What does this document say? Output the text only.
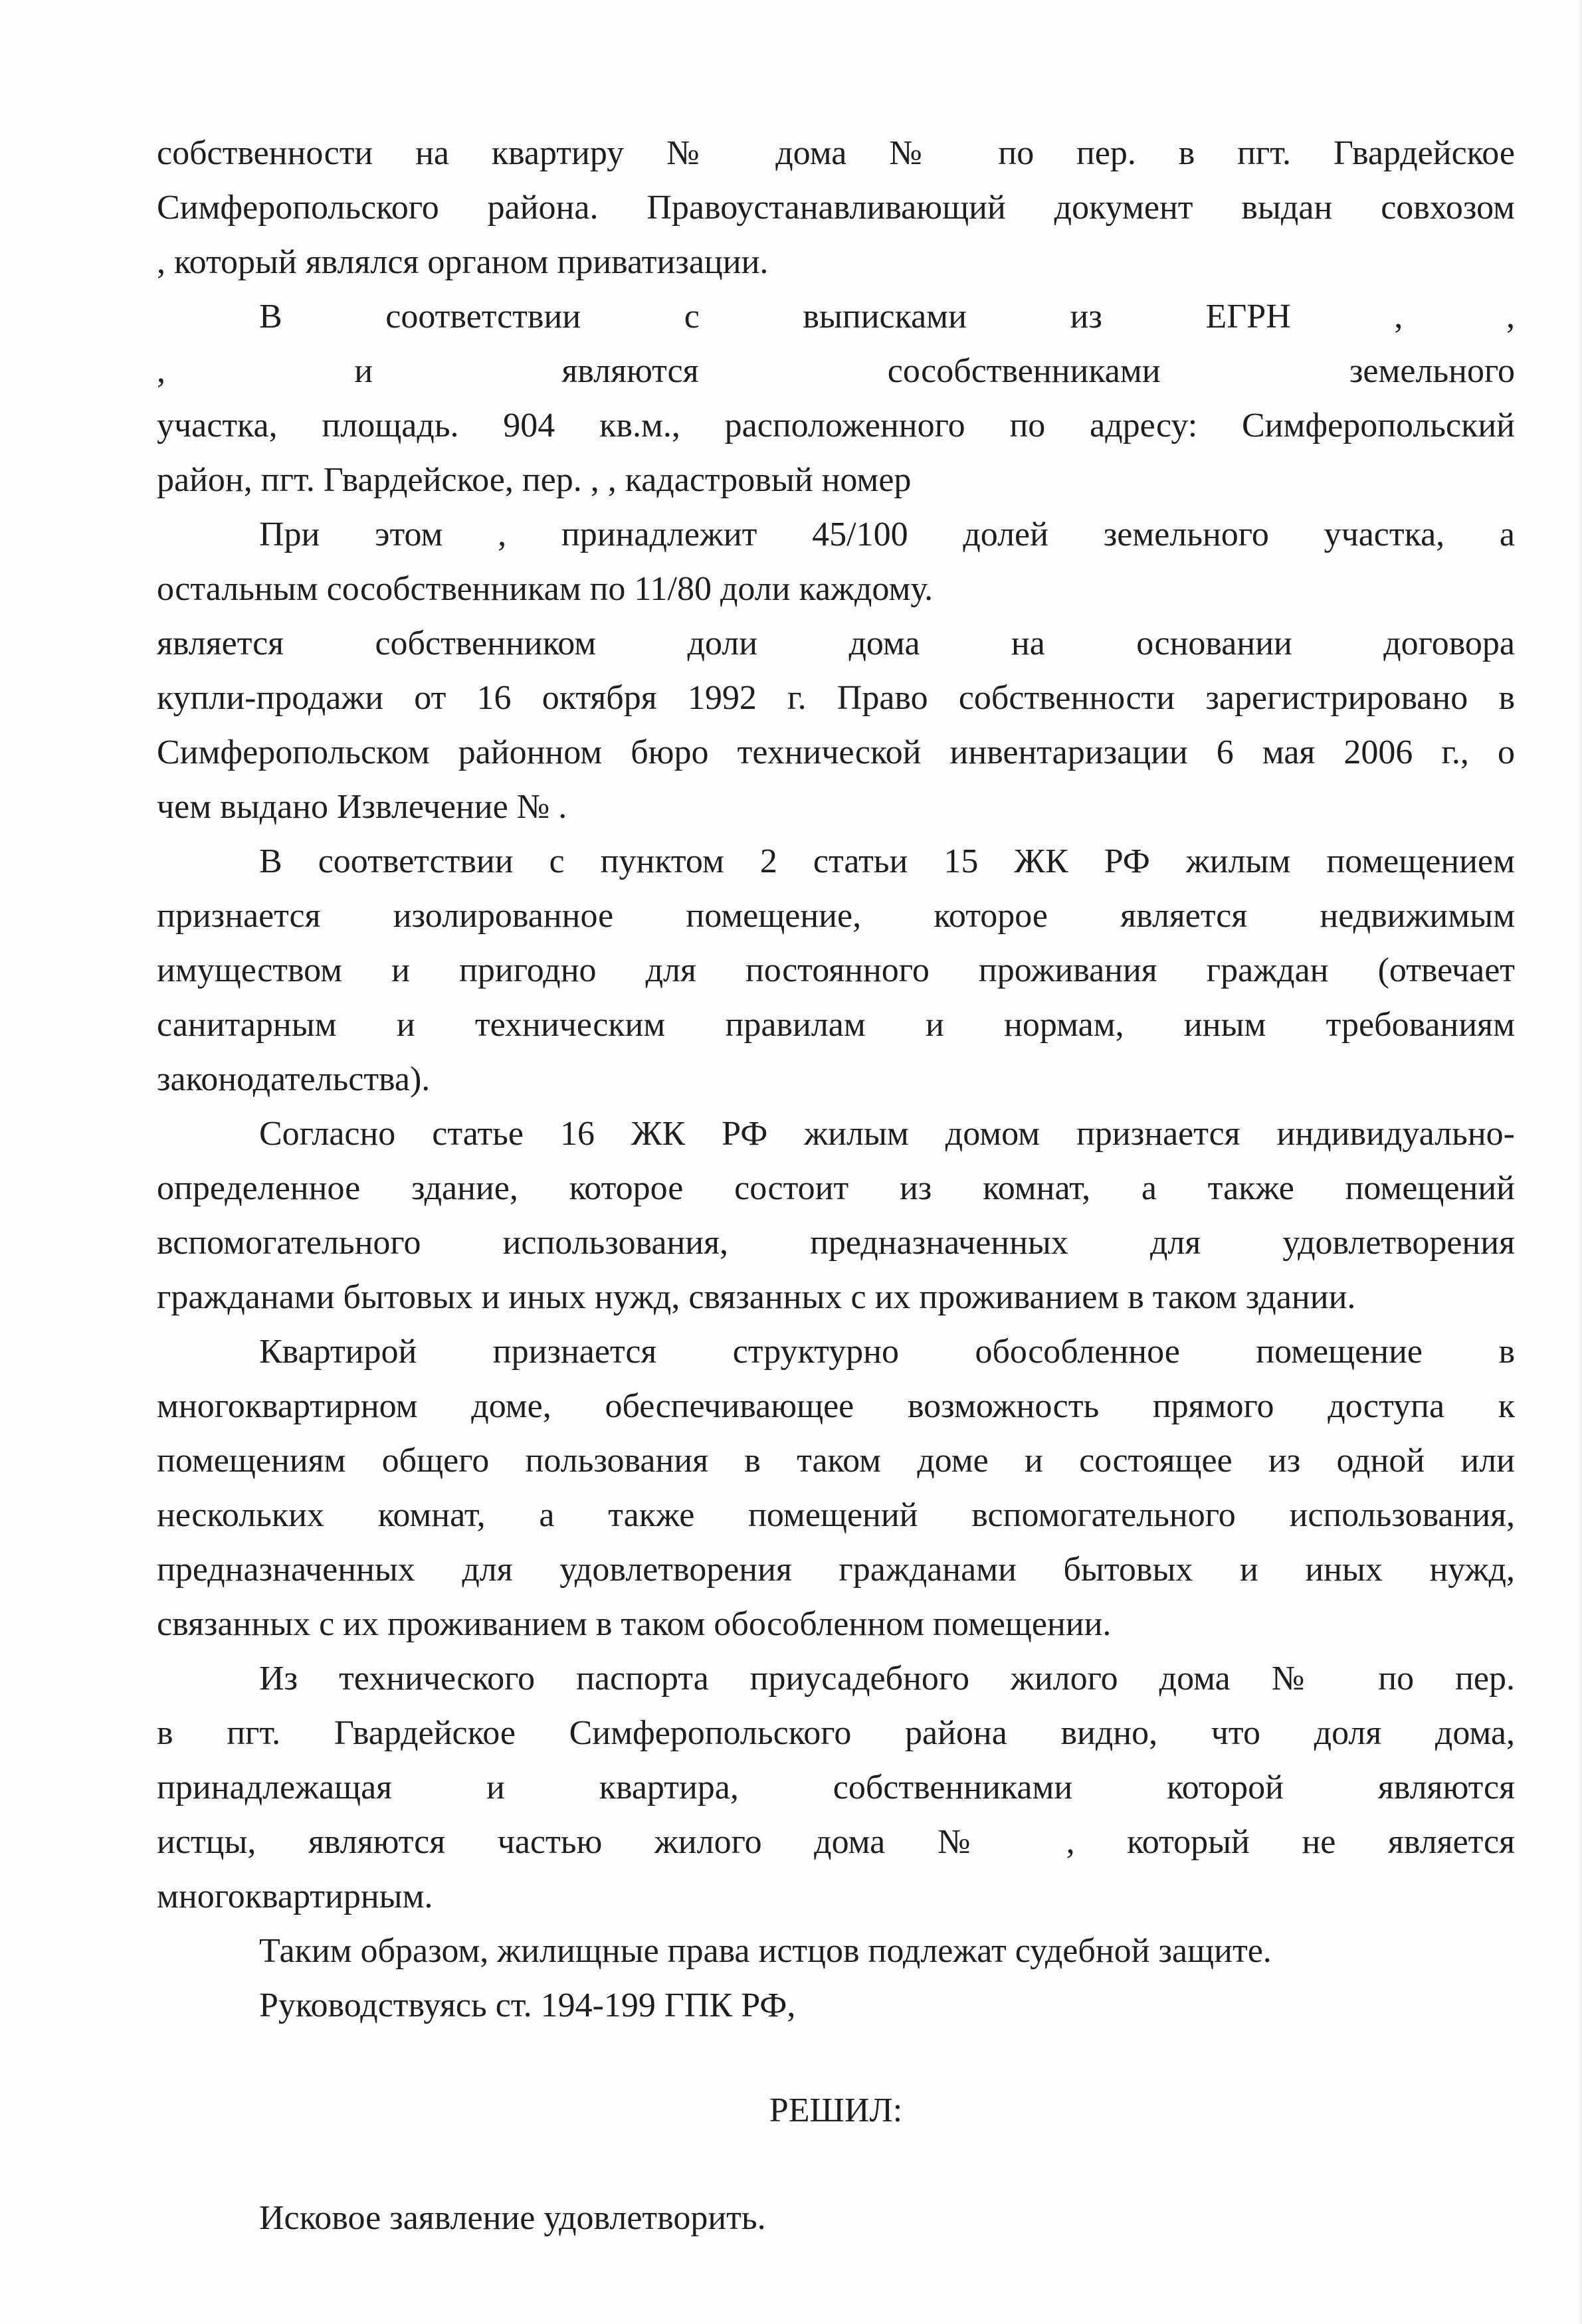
собственности на квартиру № дома № по пер. в пгт. Гвардейское
Симферопольского района. Правоустанавливающий документ выдан совхозом
, который являлся органом приватизации.
В соответствии с выписками из ЕГРН , ,
, и являются сособственниками земельного
участка, площадь. 904 кв.м., расположенного по адресу: Симферопольский
район, пгт. Гвардейское, пер. , , кадастровый номер
При этом , принадлежит 45/100 долей земельного участка, а
остальным сособственникам по 11/80 доли каждому.
является собственником доли дома на основании договора
купли-продажи от 16 октября 1992 г. Право собственности зарегистрировано в
Симферопольском районном бюро технической инвентаризации 6 мая 2006 г., о
чем выдано Извлечение № .
В соответствии с пунктом 2 статьи 15 ЖК РФ жилым помещением
признается изолированное помещение, которое является недвижимым
имуществом и пригодно для постоянного проживания граждан (отвечает
санитарным и техническим правилам и нормам, иным требованиям
законодательства).
Согласно статье 16 ЖК РФ жилым домом признается индивидуально-
определенное здание, которое состоит из комнат, а также помещений
вспомогательного использования, предназначенных для удовлетворения
гражданами бытовых и иных нужд, связанных с их проживанием в таком здании.
Квартирой признается структурно обособленное помещение в
многоквартирном доме, обеспечивающее возможность прямого доступа к
помещениям общего пользования в таком доме и состоящее из одной или
нескольких комнат, а также помещений вспомогательного использования,
предназначенных для удовлетворения гражданами бытовых и иных нужд,
связанных с их проживанием в таком обособленном помещении.
Из технического паспорта приусадебного жилого дома № по пер.
в пгт. Гвардейское Симферопольского района видно, что доля дома,
принадлежащая и квартира, собственниками которой являются
истцы, являются частью жилого дома № , который не является
многоквартирным.
Таким образом, жилищные права истцов подлежат судебной защите.
Руководствуясь ст. 194-199 ГПК РФ,
РЕШИЛ:
Исковое заявление удовлетворить.
